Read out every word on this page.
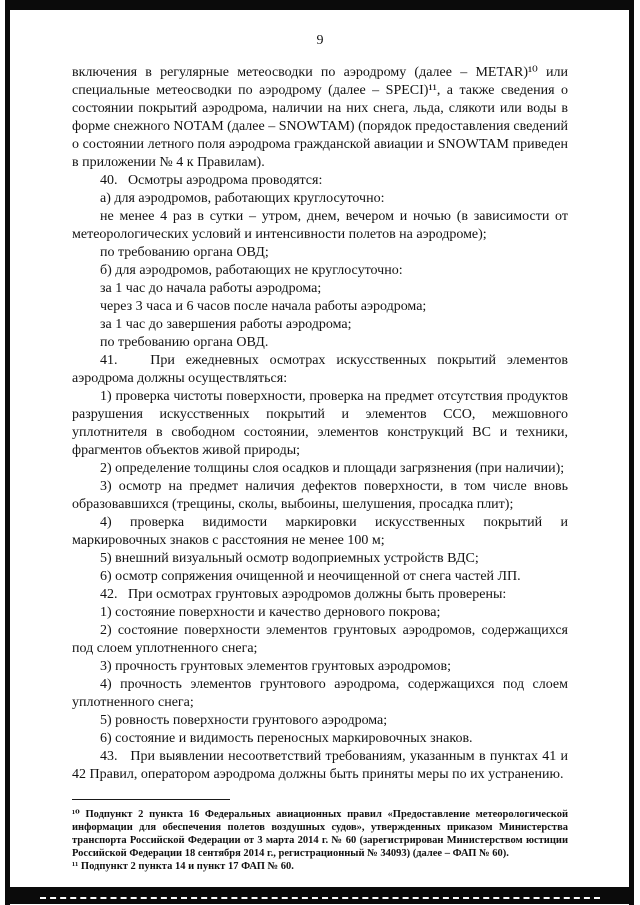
9

включения в регулярные метеосводки по аэродрому (далее – METAR)¹⁰ или специальные метеосводки по аэродрому (далее – SPECI)¹¹, а также сведения о состоянии покрытий аэродрома, наличии на них снега, льда, слякоти или воды в форме снежного NOTAM (далее – SNOWTAM) (порядок предоставления сведений о состоянии летного поля аэродрома гражданской авиации и SNOWTAM приведен в приложении № 4 к Правилам).

40.   Осмотры аэродрома проводятся:

а) для аэродромов, работающих круглосуточно:

не менее 4 раз в сутки – утром, днем, вечером и ночью (в зависимости от метеорологических условий и интенсивности полетов на аэродроме);

по требованию органа ОВД;

б) для аэродромов, работающих не круглосуточно:

за 1 час до начала работы аэродрома;

через 3 часа и 6 часов после начала работы аэродрома;

за 1 час до завершения работы аэродрома;

по требованию органа ОВД.

41.   При ежедневных осмотрах искусственных покрытий элементов аэродрома должны осуществляться:

1) проверка чистоты поверхности, проверка на предмет отсутствия продуктов разрушения искусственных покрытий и элементов ССО, межшовного уплотнителя в свободном состоянии, элементов конструкций ВС и техники, фрагментов объектов живой природы;

2) определение толщины слоя осадков и площади загрязнения (при наличии);

3) осмотр на предмет наличия дефектов поверхности, в том числе вновь образовавшихся (трещины, сколы, выбоины, шелушения, просадка плит);

4) проверка видимости маркировки искусственных покрытий и маркировочных знаков с расстояния не менее 100 м;

5) внешний визуальный осмотр водоприемных устройств ВДС;

6) осмотр сопряжения очищенной и неочищенной от снега частей ЛП.

42.   При осмотрах грунтовых аэродромов должны быть проверены:

1) состояние поверхности и качество дернового покрова;

2) состояние поверхности элементов грунтовых аэродромов, содержащихся под слоем уплотненного снега;

3) прочность грунтовых элементов грунтовых аэродромов;

4) прочность элементов грунтового аэродрома, содержащихся под слоем уплотненного снега;

5) ровность поверхности грунтового аэродрома;

6) состояние и видимость переносных маркировочных знаков.

43.   При выявлении несоответствий требованиям, указанным в пунктах 41 и 42 Правил, оператором аэродрома должны быть приняты меры по их устранению.

¹⁰ Подпункт 2 пункта 16 Федеральных авиационных правил «Предоставление метеорологической информации для обеспечения полетов воздушных судов», утвержденных приказом Министерства транспорта Российской Федерации от 3 марта 2014 г. № 60 (зарегистрирован Министерством юстиции Российской Федерации 18 сентября 2014 г., регистрационный № 34093) (далее – ФАП № 60).

¹¹ Подпункт 2 пункта 14 и пункт 17 ФАП № 60.
